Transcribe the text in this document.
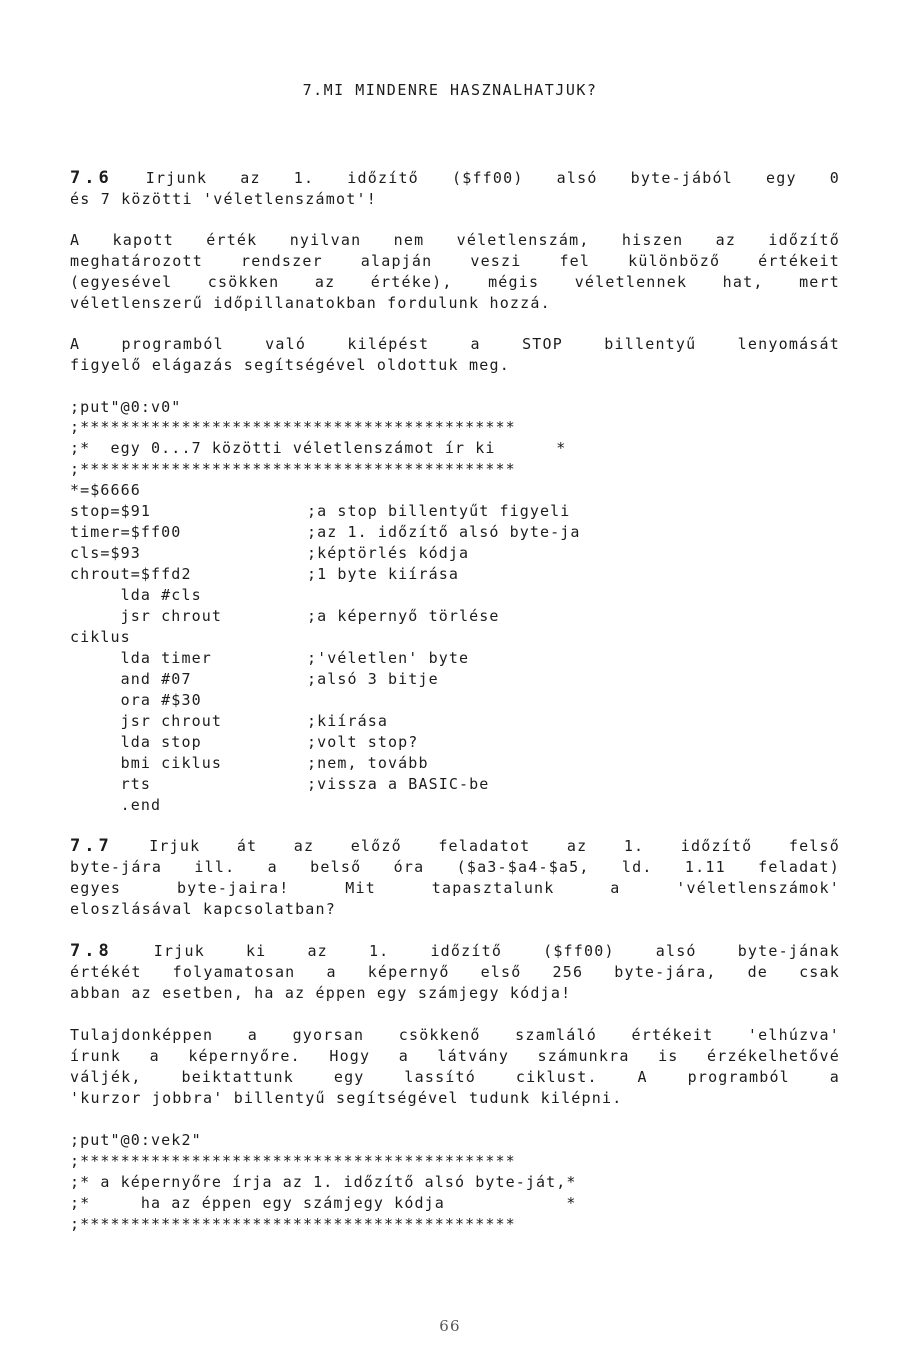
7.MI MINDENRE HASZNALHATJUK?
7.6 Irjunk az 1. időzítő ($ff00) alsó byte-jából egy 0
és 7 közötti 'véletlenszámot'!
A kapott érték nyilvan nem véletlenszám, hiszen az időzítő
meghatározott rendszer alapján veszi fel különböző értékeit
(egyesével csökken az értéke), mégis véletlennek hat, mert
véletlenszerű időpillanatokban fordulunk hozzá.
A programból való kilépést a STOP billentyű lenyomását
figyelő elágazás segítségével oldottuk meg.
;put"@0:v0"
;*******************************************
;*  egy 0...7 közötti véletlenszámot ír ki      *
;*******************************************
*=$6666
stop=$91	;a stop billentyűt figyeli
timer=$ff00	;az 1. időzítő alsó byte-ja
cls=$93	;képtörlés kódja
chrout=$ffd2	;1 byte kiírása
lda #cls
jsr chrout	;a képernyő törlése
ciklus
lda timer	;'véletlen' byte
and #07	;alsó 3 bitje
ora #$30
jsr chrout	;kiírása
lda stop	;volt stop?
bmi ciklus	;nem, tovább
rts	;vissza a BASIC-be
.end
7.7 Irjuk át az előző feladatot az 1. időzítő felső
byte-jára ill. a belső óra ($a3-$a4-$a5, ld. 1.11 feladat)
egyes byte-jaira! Mit tapasztalunk a 'véletlenszámok'
eloszlásával kapcsolatban?
7.8	Irjuk ki az 1. időzítő ($ff00) alsó byte-jának
értékét folyamatosan a képernyő első 256 byte-jára, de csak
abban az esetben, ha az éppen egy számjegy kódja!
Tulajdonképpen a gyorsan csökkenő szamláló értékeit 'elhúzva'
írunk a képernyőre. Hogy a látvány számunkra is érzékelhetővé
váljék, beiktattunk egy lassító ciklust. A programból a
'kurzor jobbra' billentyű segítségével tudunk kilépni.
;put"@0:vek2"
;*******************************************
;* a képernyőre írja az 1. időzítő alsó byte-ját,*
;*     ha az éppen egy számjegy kódja            *
;*******************************************
66
